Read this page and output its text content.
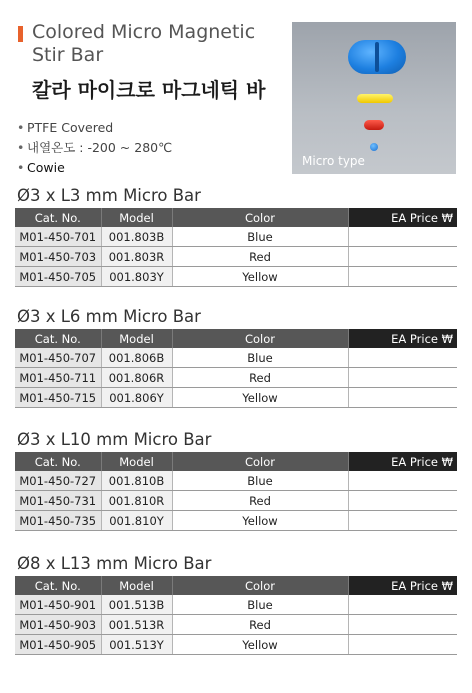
Colored Micro Magnetic Stir Bar
칼라 마이크로 마그네틱 바
• PTFE Covered
• 내열온도 : -200 ~ 280℃
• Cowie	Micro type
Ø3 x L3 mm Micro Bar
Cat. No.	Model	Color	EA Price ₩
M01-450-701	001.803B	Blue	
M01-450-703	001.803R	Red	
M01-450-705	001.803Y	Yellow	
Ø3 x L6 mm Micro Bar
Cat. No.	Model	Color	EA Price ₩
M01-450-707	001.806B	Blue	
M01-450-711	001.806R	Red	
M01-450-715	001.806Y	Yellow	
Ø3 x L10 mm Micro Bar
Cat. No.	Model	Color	EA Price ₩
M01-450-727	001.810B	Blue	
M01-450-731	001.810R	Red	
M01-450-735	001.810Y	Yellow	
Ø8 x L13 mm Micro Bar
Cat. No.	Model	Color	EA Price ₩
M01-450-901	001.513B	Blue	
M01-450-903	001.513R	Red	
M01-450-905	001.513Y	Yellow	
